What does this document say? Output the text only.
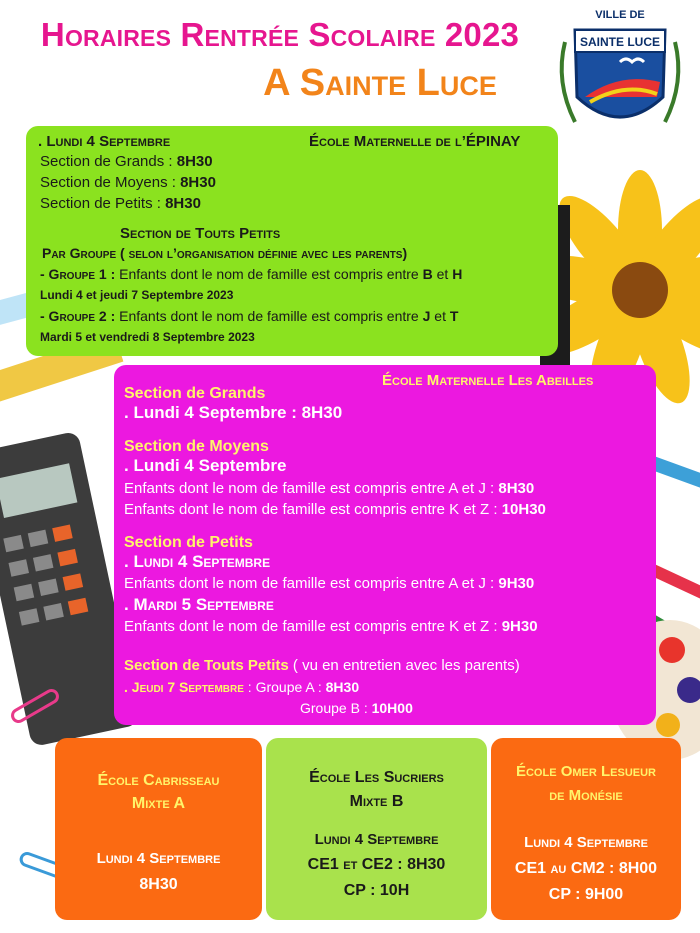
Horaires Rentrée Scolaire 2023
A Sainte Luce
VILLE DE
SAINTE LUCE
. Lundi 4 Septembre	École Maternelle de l’ÉPINAY
Section de Grands : 8H30
Section de Moyens : 8H30
Section de Petits : 8H30
Section de Touts Petits
Par Groupe ( selon l’organisation définie avec les parents)
- Groupe 1 : Enfants dont le nom de famille est compris entre B et H
Lundi 4 et jeudi 7 Septembre 2023
- Groupe 2 : Enfants dont le nom de famille est compris entre J et T
Mardi 5 et vendredi 8 Septembre 2023
École Maternelle Les Abeilles
Section de Grands
. Lundi 4 Septembre : 8H30
Section de Moyens
. Lundi 4 Septembre
Enfants dont le nom de famille est compris entre A et J : 8H30
Enfants dont le nom de famille est compris entre K et Z : 10H30
Section de Petits
. Lundi 4 Septembre
Enfants dont le nom de famille est compris entre A et J : 9H30
. Mardi 5 Septembre
Enfants dont le nom de famille est compris entre K et Z : 9H30
Section de Touts Petits ( vu en entretien avec les parents)
. Jeudi 7 Septembre : Groupe A : 8H30
Groupe B : 10H00
École Cabrisseau
Mixte A
Lundi 4 Septembre
8H30
École Les Sucriers
Mixte B
Lundi 4 Septembre
CE1 et CE2 : 8H30
CP : 10H
École Omer Lesueur
de Monésie
Lundi 4 Septembre
CE1 au CM2 : 8H00
CP : 9H00
